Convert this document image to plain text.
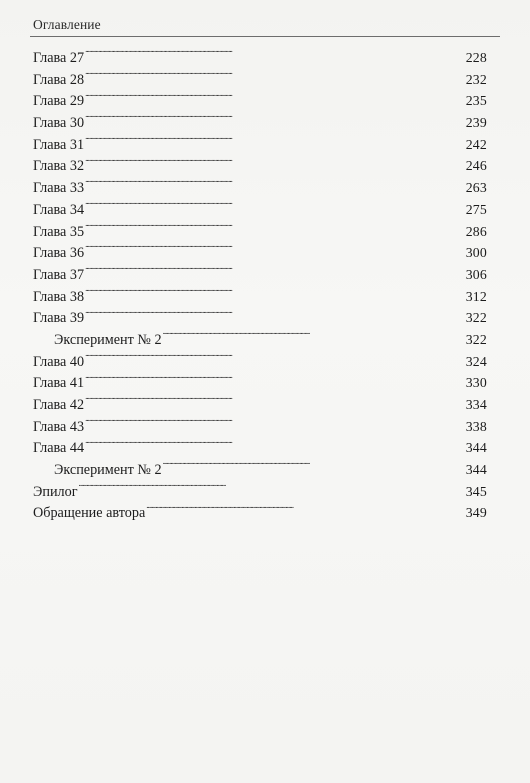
Оглавление
Глава 27 . . .	228
Глава 28 . . .	232
Глава 29 . . .	235
Глава 30 . . .	239
Глава 31 . . .	242
Глава 32 . . .	246
Глава 33 . . .	263
Глава 34 . . .	275
Глава 35 . . .	286
Глава 36 . . .	300
Глава 37 . . .	306
Глава 38 . . .	312
Глава 39 . . .	322
Эксперимент № 2 . . .	322
Глава 40 . . .	324
Глава 41 . . .	330
Глава 42 . . .	334
Глава 43 . . .	338
Глава 44 . . .	344
Эксперимент № 2 . . .	344
Эпилог . . .	345
Обращение автора . . .	349
